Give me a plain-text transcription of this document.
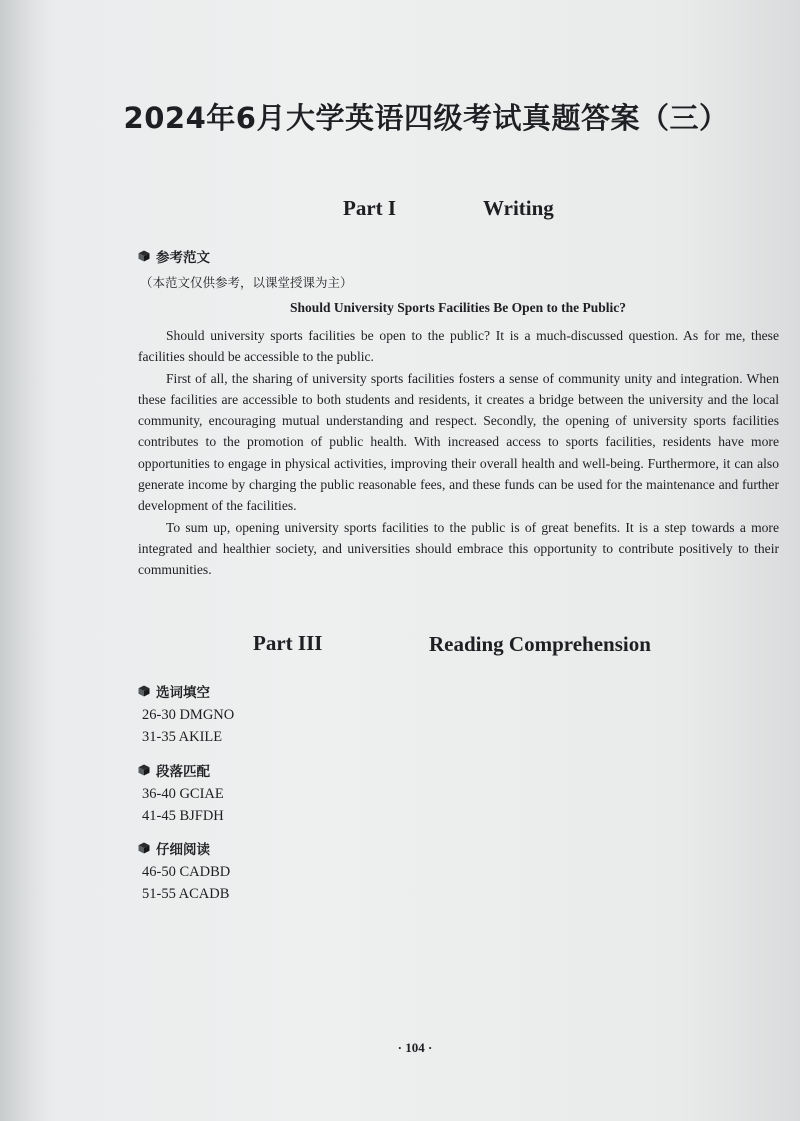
2024年6月大学英语四级考试真题答案（三）
Part I	Writing
参考范文
（本范文仅供参考，以课堂授课为主）
Should University Sports Facilities Be Open to the Public?

Should university sports facilities be open to the public? It is a much-discussed question. As for me, these facilities should be accessible to the public.

First of all, the sharing of university sports facilities fosters a sense of community unity and integration. When these facilities are accessible to both students and residents, it creates a bridge between the university and the local community, encouraging mutual understanding and respect. Secondly, the opening of university sports facilities contributes to the promotion of public health. With increased access to sports facilities, residents have more opportunities to engage in physical activities, improving their overall health and well-being. Furthermore, it can also generate income by charging the public reasonable fees, and these funds can be used for the maintenance and further development of the facilities.

To sum up, opening university sports facilities to the public is of great benefits. It is a step towards a more integrated and healthier society, and universities should embrace this opportunity to contribute positively to their communities.

Part III	Reading Comprehension
选词填空
26-30 DMGNO
31-35 AKILE
段落匹配
36-40 GCIAE
41-45 BJFDH
仔细阅读
46-50 CADBD
51-55 ACADB
· 104 ·
